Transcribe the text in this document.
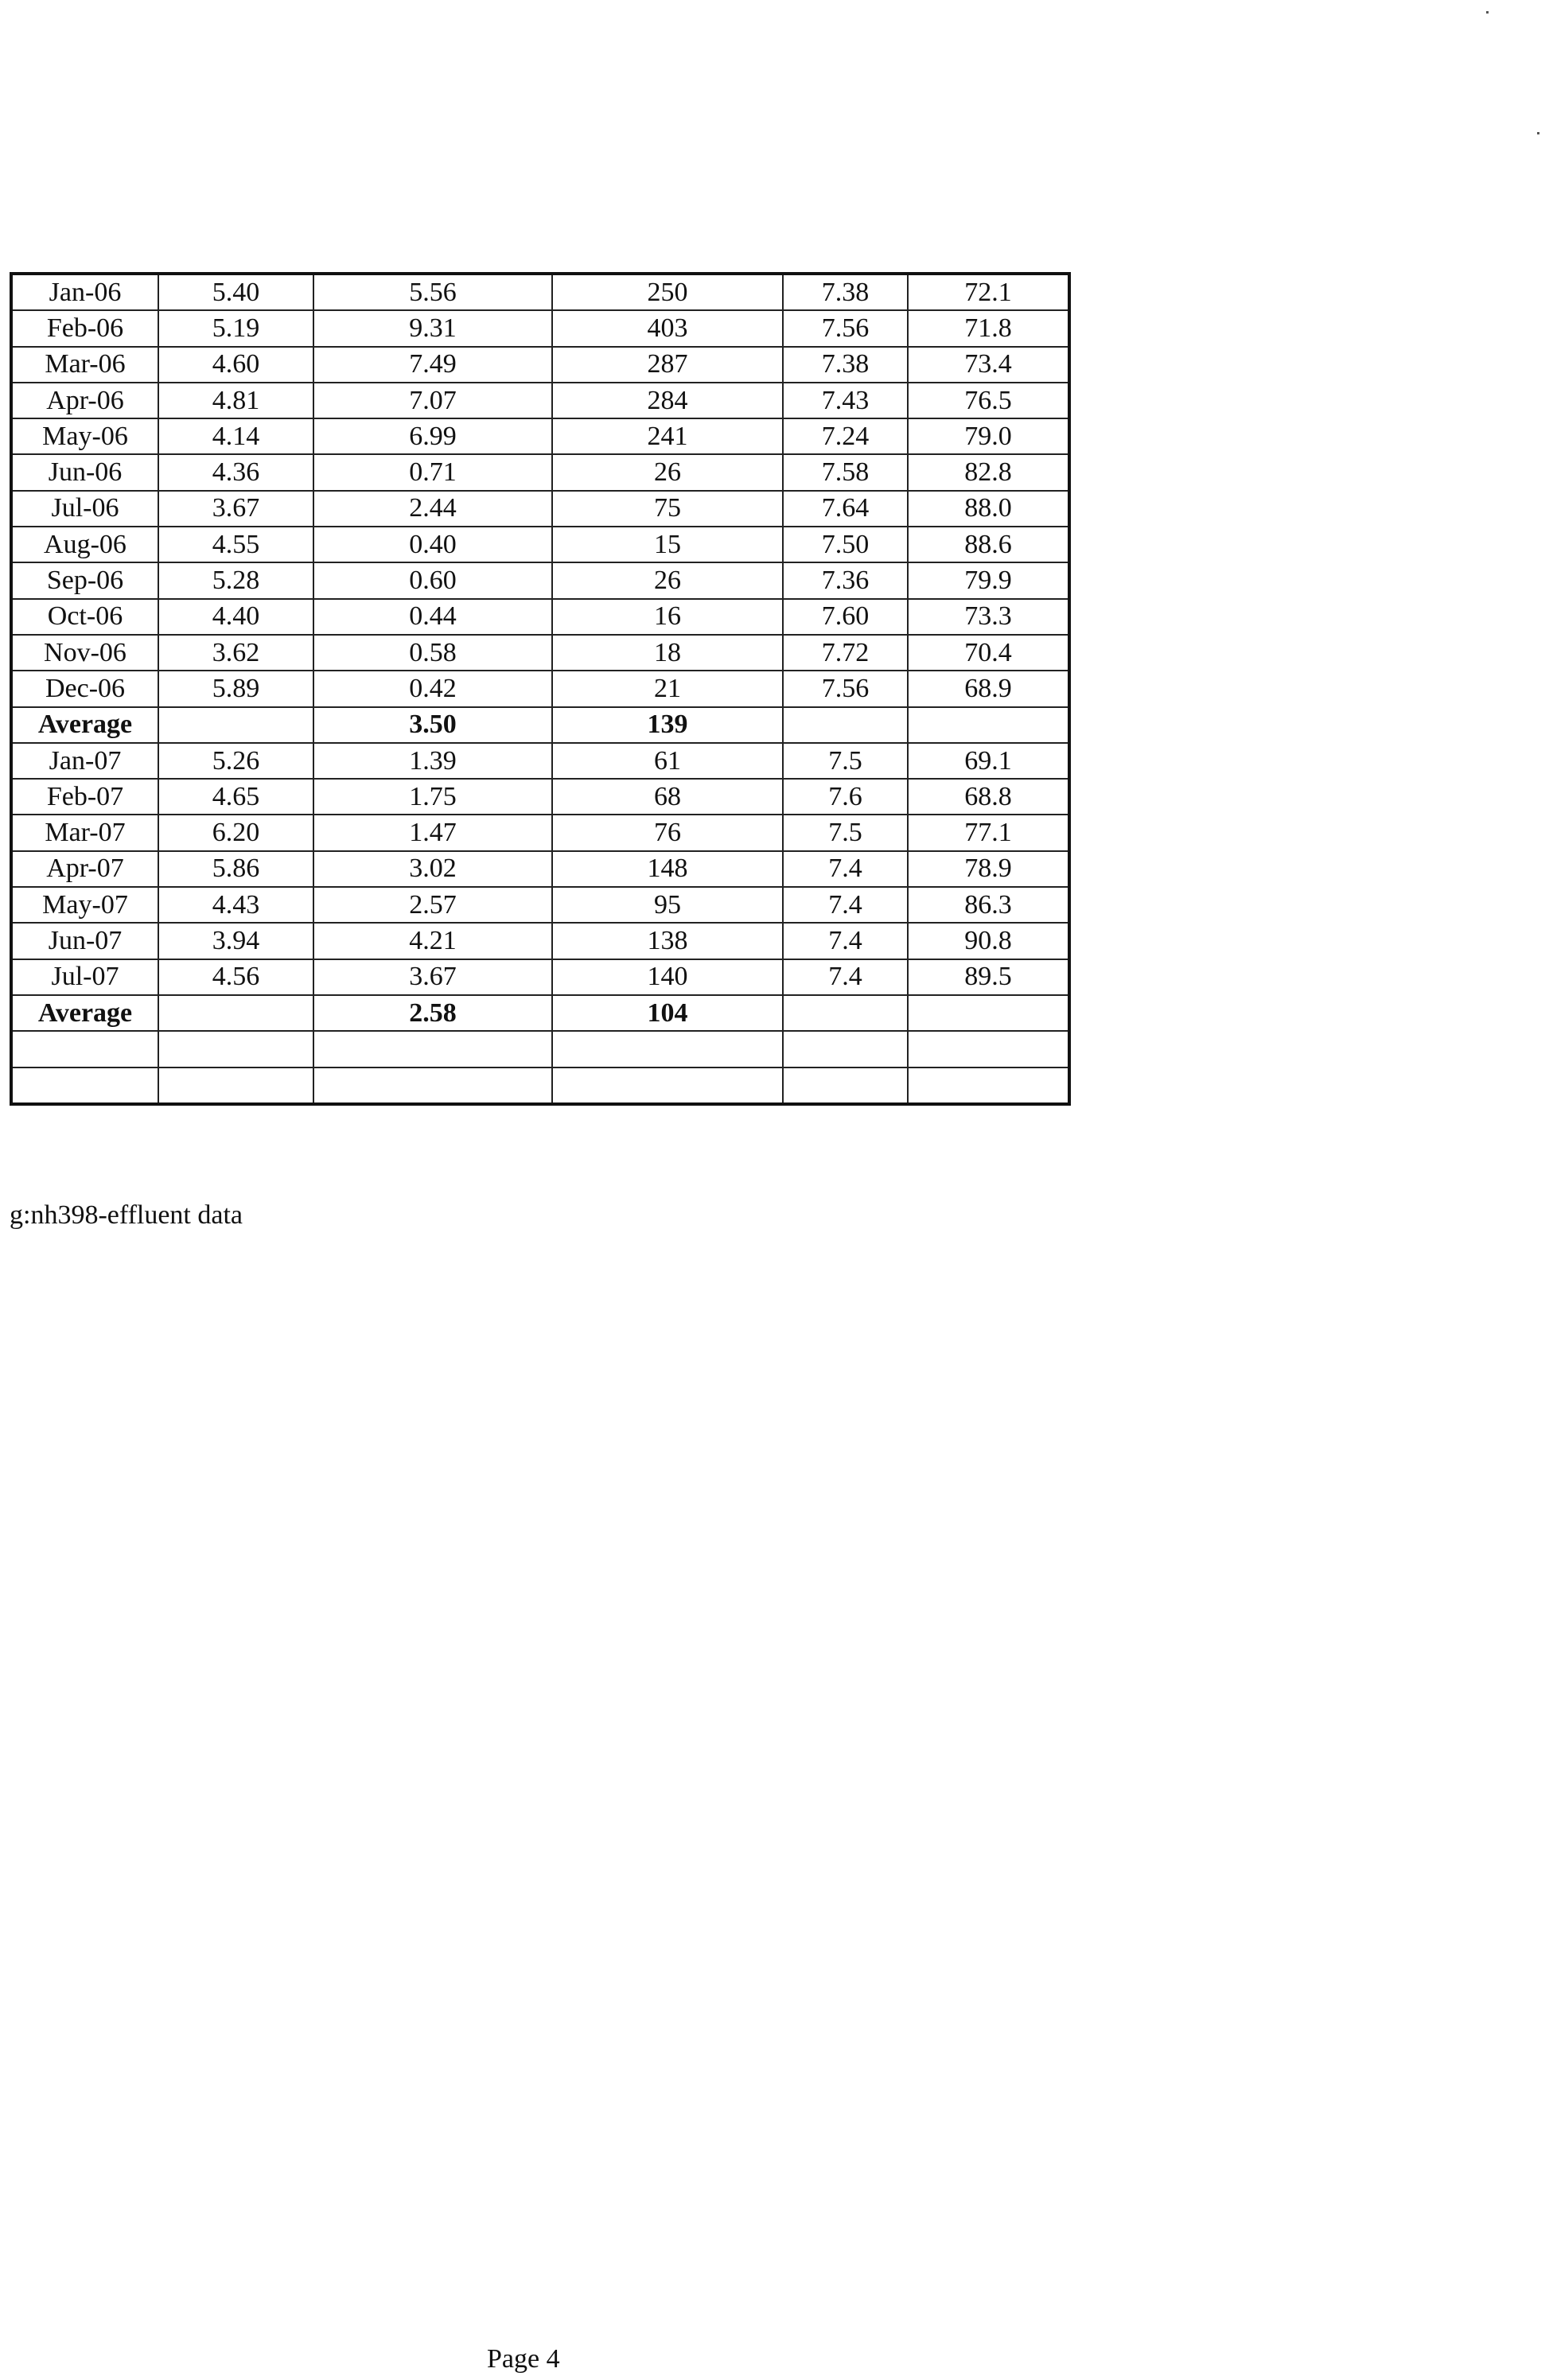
Jan-06	5.40	5.56	250	7.38	72.1
Feb-06	5.19	9.31	403	7.56	71.8
Mar-06	4.60	7.49	287	7.38	73.4
Apr-06	4.81	7.07	284	7.43	76.5
May-06	4.14	6.99	241	7.24	79.0
Jun-06	4.36	0.71	26	7.58	82.8
Jul-06	3.67	2.44	75	7.64	88.0
Aug-06	4.55	0.40	15	7.50	88.6
Sep-06	5.28	0.60	26	7.36	79.9
Oct-06	4.40	0.44	16	7.60	73.3
Nov-06	3.62	0.58	18	7.72	70.4
Dec-06	5.89	0.42	21	7.56	68.9
Average		3.50	139		
Jan-07	5.26	1.39	61	7.5	69.1
Feb-07	4.65	1.75	68	7.6	68.8
Mar-07	6.20	1.47	76	7.5	77.1
Apr-07	5.86	3.02	148	7.4	78.9
May-07	4.43	2.57	95	7.4	86.3
Jun-07	3.94	4.21	138	7.4	90.8
Jul-07	4.56	3.67	140	7.4	89.5
Average		2.58	104		

g:nh398-effluent data
Page 4
